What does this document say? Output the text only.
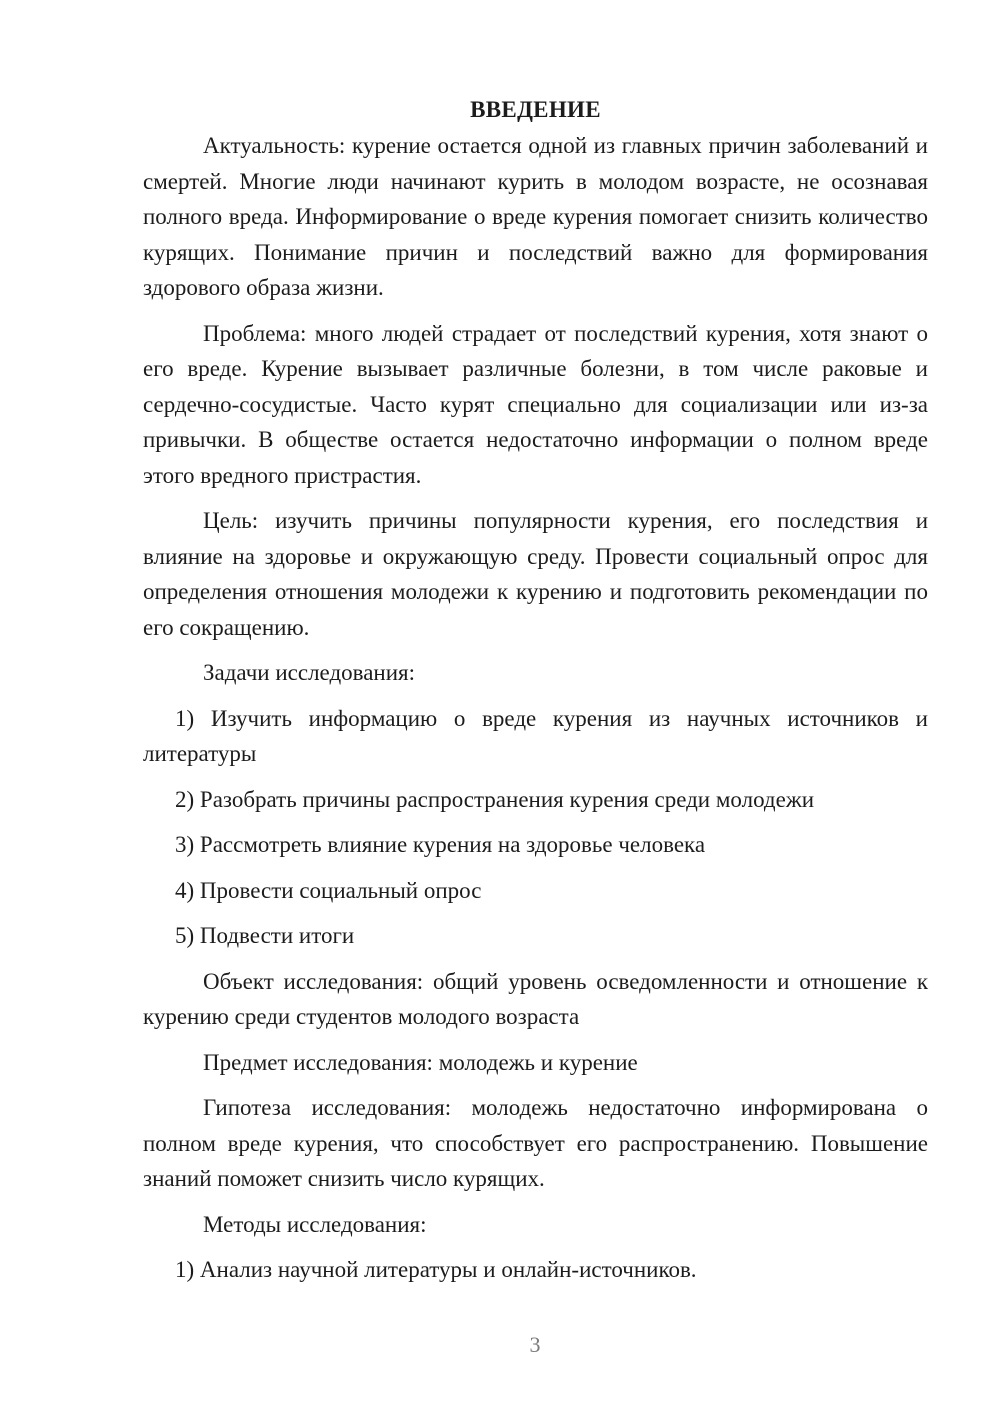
ВВЕДЕНИЕ

Актуальность: курение остается одной из главных причин заболеваний и смертей. Многие люди начинают курить в молодом возрасте, не осознавая полного вреда. Информирование о вреде курения помогает снизить количество курящих. Понимание причин и последствий важно для формирования здорового образа жизни.

Проблема: много людей страдает от последствий курения, хотя знают о его вреде. Курение вызывает различные болезни, в том числе раковые и сердечно-сосудистые. Часто курят специально для социализации или из-за привычки. В обществе остается недостаточно информации о полном вреде этого вредного пристрастия.

Цель: изучить причины популярности курения, его последствия и влияние на здоровье и окружающую среду. Провести социальный опрос для определения отношения молодежи к курению и подготовить рекомендации по его сокращению.

Задачи исследования:

1) Изучить информацию о вреде курения из научных источников и литературы

2) Разобрать причины распространения курения среди молодежи

3) Рассмотреть влияние курения на здоровье человека

4) Провести социальный опрос

5) Подвести итоги

Объект исследования: общий уровень осведомленности и отношение к курению среди студентов молодого возраста

Предмет исследования: молодежь и курение

Гипотеза исследования: молодежь недостаточно информирована о полном вреде курения, что способствует его распространению. Повышение знаний поможет снизить число курящих.

Методы исследования:

1) Анализ научной литературы и онлайн-источников.

3
